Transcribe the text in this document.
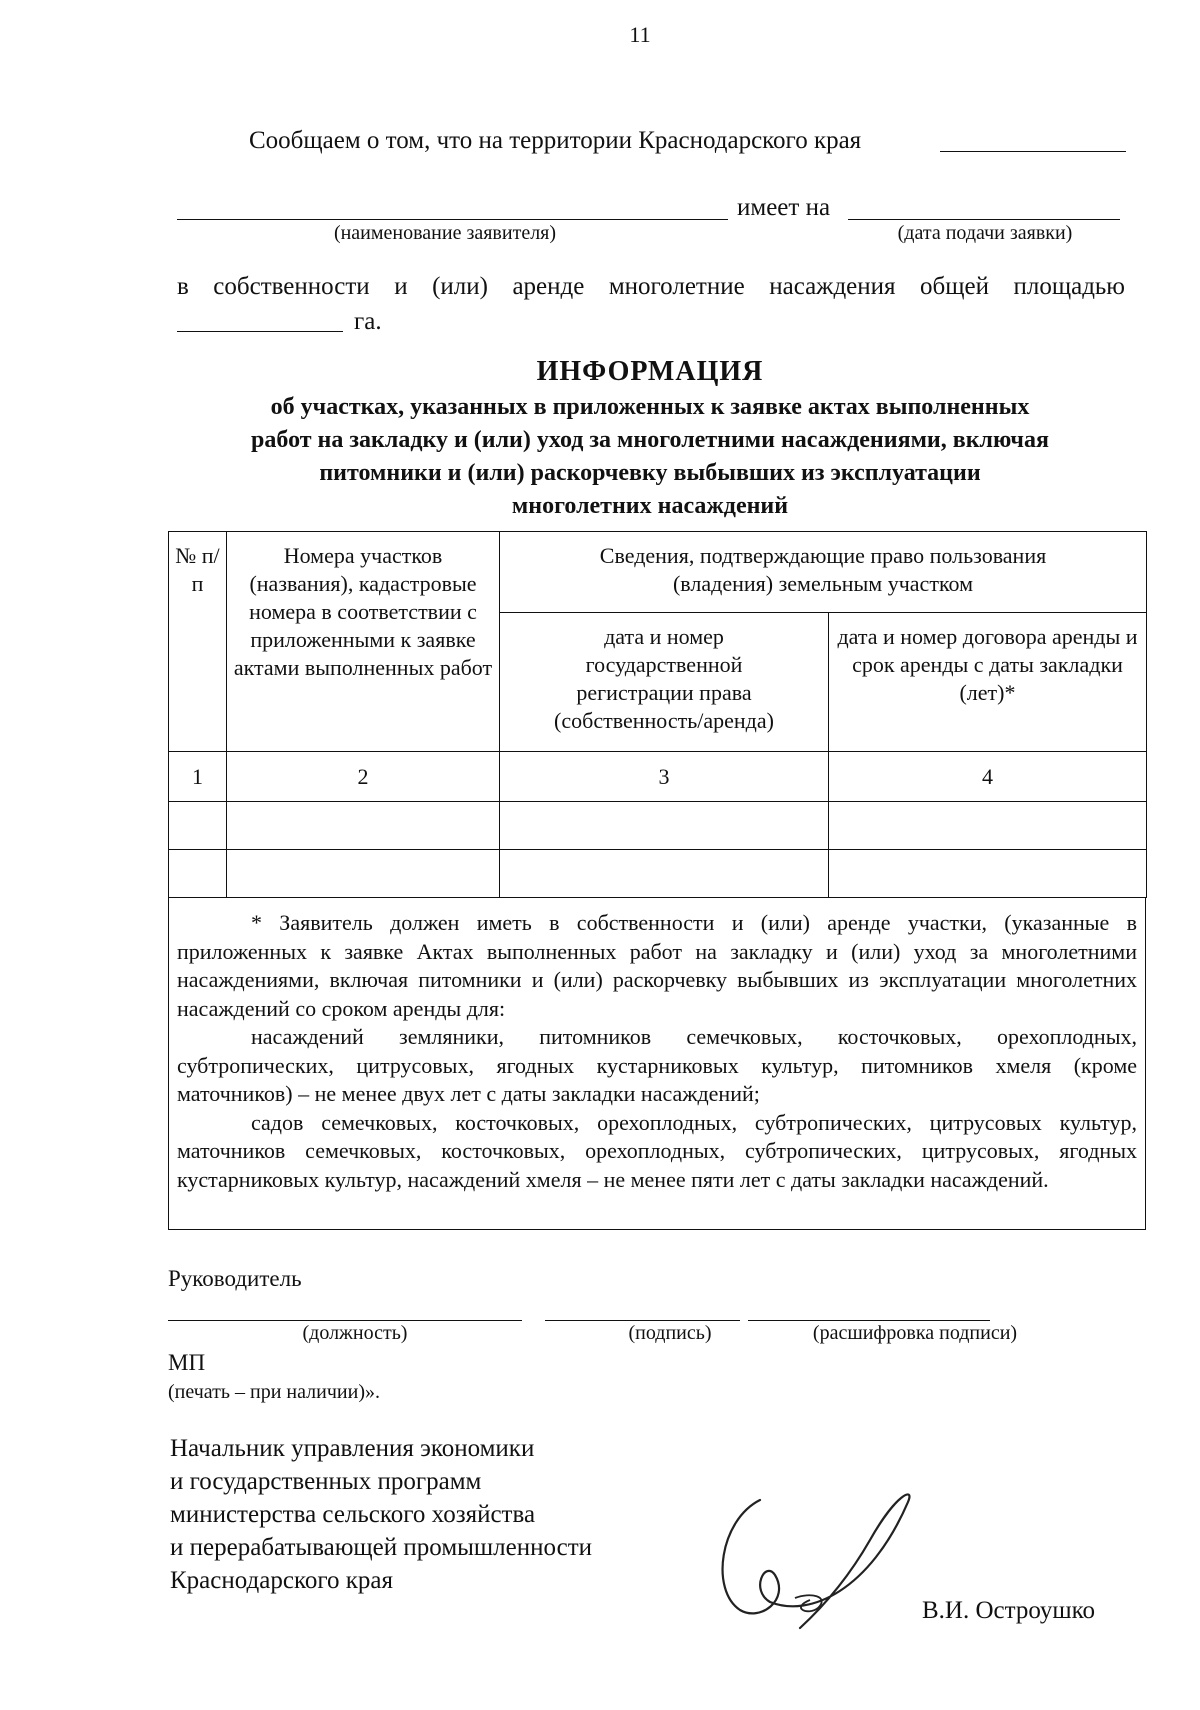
11
Сообщаем о том, что на территории Краснодарского края
имеет на
(наименование заявителя)	(дата подачи заявки)
в собственности и (или) аренде многолетние насаждения общей площадью
га.
ИНФОРМАЦИЯ
об участках, указанных в приложенных к заявке актах выполненных
работ на закладку и (или) уход за многолетними насаждениями, включая
питомники и (или) раскорчевку выбывших из эксплуатации
многолетних насаждений
№ п/п	Номера участков (названия), кадастровые номера в соответствии с приложенными к заявке актами выполненных работ	Сведения, подтверждающие право пользования (владения) земельным участком	
		дата и номер государственной регистрации права (собственность/аренда)	дата и номер договора аренды и срок аренды с даты закладки (лет)*
1	2	3	4

* Заявитель должен иметь в собственности и (или) аренде участки, (указанные в приложенных к заявке Актах выполненных работ на закладку и (или) уход за многолетними насаждениями, включая питомники и (или) раскорчевку выбывших из эксплуатации многолетних насаждений со сроком аренды для:

насаждений земляники, питомников семечковых, косточковых, орехоплодных, субтропических, цитрусовых, ягодных кустарниковых культур, питомников хмеля (кроме маточников) – не менее двух лет с даты закладки насаждений;

садов семечковых, косточковых, орехоплодных, субтропических, цитрусовых культур, маточников семечковых, косточковых, орехоплодных, субтропических, цитрусовых, ягодных кустарниковых культур, насаждений хмеля – не менее пяти лет с даты закладки насаждений.

Руководитель
(должность)	(подпись)	(расшифровка подписи)
МП
(печать – при наличии)».
Начальник управления экономики
и государственных программ
министерства сельского хозяйства
и перерабатывающей промышленности
Краснодарского края
В.И. Остроушко
